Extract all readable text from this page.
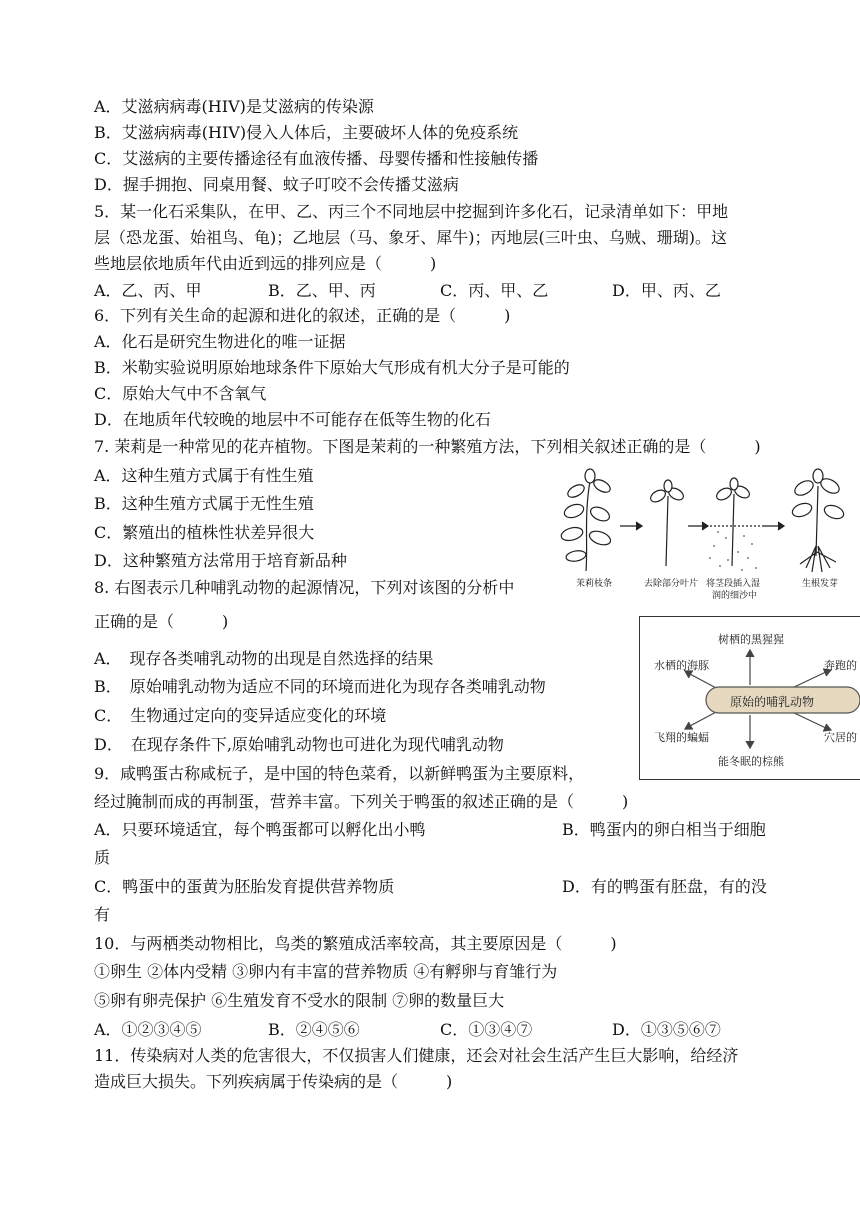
A．艾滋病病毒(HIV)是艾滋病的传染源
B．艾滋病病毒(HIV)侵入人体后，主要破坏人体的免疫系统
C．艾滋病的主要传播途径有血液传播、母婴传播和性接触传播
D．握手拥抱、同桌用餐、蚊子叮咬不会传播艾滋病
5．某一化石采集队，在甲、乙、丙三个不同地层中挖掘到许多化石，记录清单如下：甲地
层（恐龙蛋、始祖鸟、龟)；乙地层（马、象牙、犀牛)；丙地层(三叶虫、乌贼、珊瑚)。这
些地层依地质年代由近到远的排列应是（　　　)
A．乙、丙、甲	B．乙、甲、丙	C．丙、甲、乙	D．甲、丙、乙
6．下列有关生命的起源和进化的叙述，正确的是（　　　)
A．化石是研究生物进化的唯一证据
B．米勒实验说明原始地球条件下原始大气形成有机大分子是可能的
C．原始大气中不含氧气
D．在地质年代较晚的地层中不可能存在低等生物的化石
7. 茉莉是一种常见的花卉植物。下图是茉莉的一种繁殖方法，下列相关叙述正确的是（　　　)
A．这种生殖方式属于有性生殖
B．这种生殖方式属于无性生殖
C．繁殖出的植株性状差异很大
D．这种繁殖方法常用于培育新品种
茉莉枝条	去除部分叶片 将茎段插入湿
润的细沙中
生根发芽
8. 右图表示几种哺乳动物的起源情况，下列对该图的分析中
正确的是（　　　)
A．　现存各类哺乳动物的出现是自然选择的结果
B．　原始哺乳动物为适应不同的环境而进化为现存各类哺乳动物
C．　生物通过定向的变异适应变化的环境
D．　在现存条件下,原始哺乳动物也可进化为现代哺乳动物
原始的哺乳动物
树栖的黑猩猩
水栖的海豚	奔跑的
飞翔的蝙蝠	穴居的
能冬眠的棕熊
9．咸鸭蛋古称咸杬子，是中国的特色菜肴，以新鲜鸭蛋为主要原料，
经过腌制而成的再制蛋，营养丰富。下列关于鸭蛋的叙述正确的是（　　　)
A．只要环境适宜，每个鸭蛋都可以孵化出小鸭	B．鸭蛋内的卵白相当于细胞
质
C．鸭蛋中的蛋黄为胚胎发育提供营养物质	D．有的鸭蛋有胚盘，有的没
有
10．与两栖类动物相比，鸟类的繁殖成活率较高，其主要原因是（　　　)
①卵生 ②体内受精 ③卵内有丰富的营养物质 ④有孵卵与育雏行为
⑤卵有卵壳保护 ⑥生殖发育不受水的限制 ⑦卵的数量巨大
A．①②③④⑤	B．②④⑤⑥	C．①③④⑦	D．①③⑤⑥⑦
11．传染病对人类的危害很大，不仅损害人们健康，还会对社会生活产生巨大影响，给经济
造成巨大损失。下列疾病属于传染病的是（　　　)
